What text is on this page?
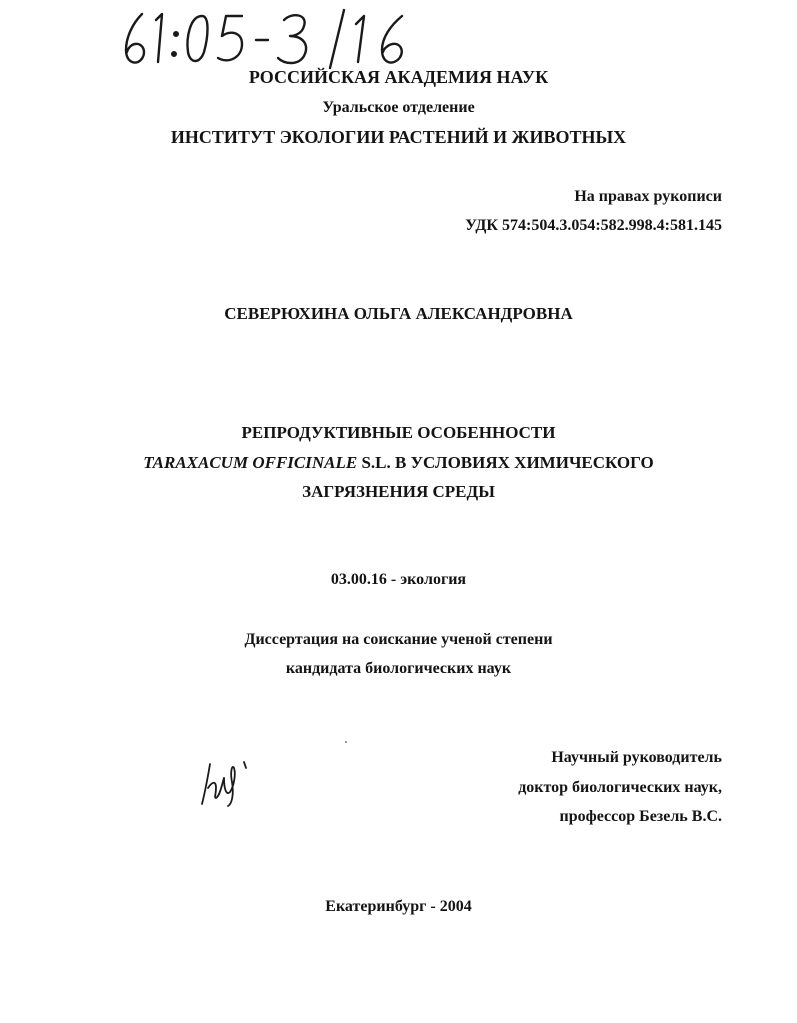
РОССИЙСКАЯ АКАДЕМИЯ НАУК
Уральское отделение
ИНСТИТУТ ЭКОЛОГИИ РАСТЕНИЙ И ЖИВОТНЫХ
На правах рукописи
УДК 574:504.3.054:582.998.4:581.145
СЕВЕРЮХИНА ОЛЬГА АЛЕКСАНДРОВНА
РЕПРОДУКТИВНЫЕ ОСОБЕННОСТИ
TARAXACUM OFFICINALE S.L. В УСЛОВИЯХ ХИМИЧЕСКОГО
ЗАГРЯЗНЕНИЯ СРЕДЫ
03.00.16 - экология
Диссертация на соискание ученой степени
кандидата биологических наук
Научный руководитель
доктор биологических наук,
профессор Безель В.С.
Екатеринбург - 2004
